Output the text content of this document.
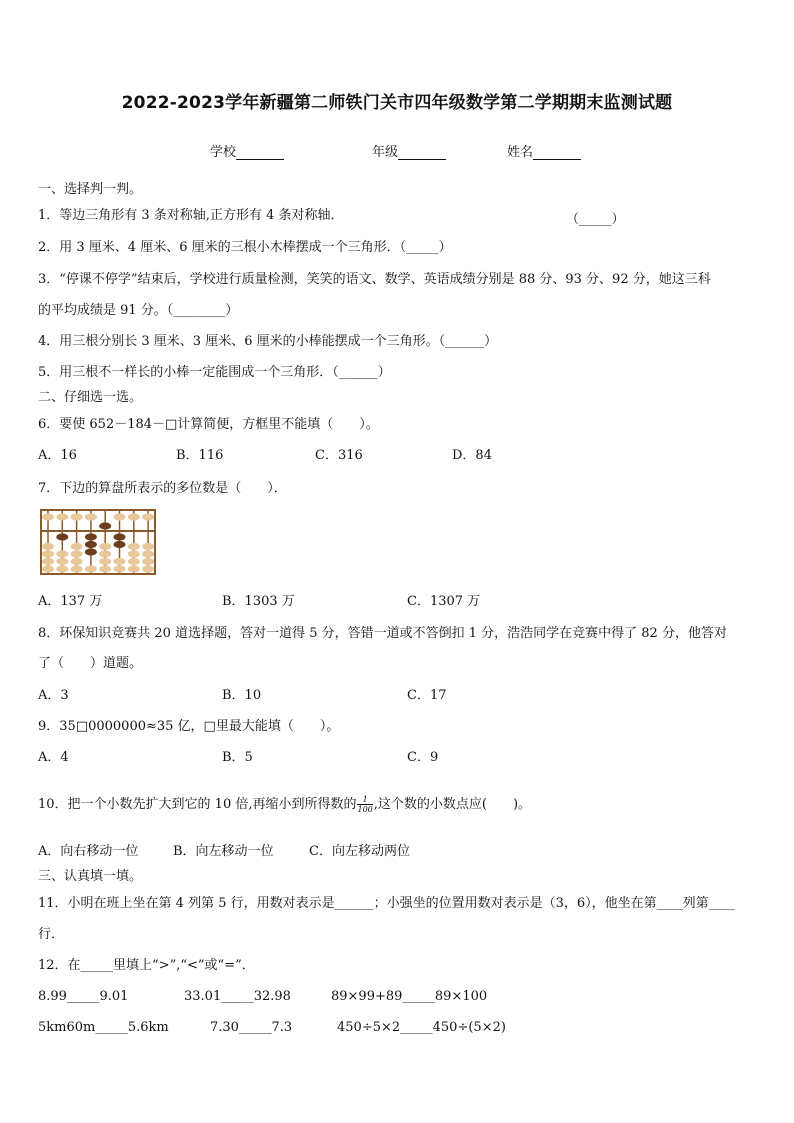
2022-2023学年新疆第二师铁门关市四年级数学第二学期期末监测试题
学校	年级	姓名
一、选择判一判。
1．等边三角形有 3 条对称轴,正方形有 4 条对称轴．	（_____）
2．用 3 厘米、4 厘米、6 厘米的三根小木棒摆成一个三角形．（_____）
3．“停课不停学”结束后，学校进行质量检测，笑笑的语文、数学、英语成绩分别是 88 分、93 分、92 分，她这三科
的平均成绩是 91 分。（________）
4．用三根分别长 3 厘米、3 厘米、6 厘米的小棒能摆成一个三角形。（______）
5．用三根不一样长的小棒一定能围成一个三角形．（______）
二、仔细选一选。
6．要使 652－184－□计算简便，方框里不能填（　　）。
A．16	B．116	C．316	D．84
7．下边的算盘所表示的多位数是（　　）．
A．137 万	B．1303 万	C．1307 万
8．环保知识竞赛共 20 道选择题，答对一道得 5 分，答错一道或不答倒扣 1 分，浩浩同学在竞赛中得了 82 分，他答对
了（　　）道题。
A．3	B．10	C．17
9．35□0000000≈35 亿，□里最大能填（　　）。
A．4	B．5	C．9
10．把一个小数先扩大到它的 10 倍,再缩小到所得数的 $\frac{1}{100}$ ,这个数的小数点应(　　)。
A．向右移动一位	B．向左移动一位	C．向左移动两位
三、认真填一填。
11．小明在班上坐在第 4 列第 5 行，用数对表示是______；小强坐的位置用数对表示是（3，6），他坐在第____列第____
行．
12．在_____里填上“>”,“<”或“=”．
8.99_____9.01	33.01_____32.98	89×99+89_____89×100
5km60m_____5.6km	7.30_____7.3	450÷5×2_____450÷(5×2)
